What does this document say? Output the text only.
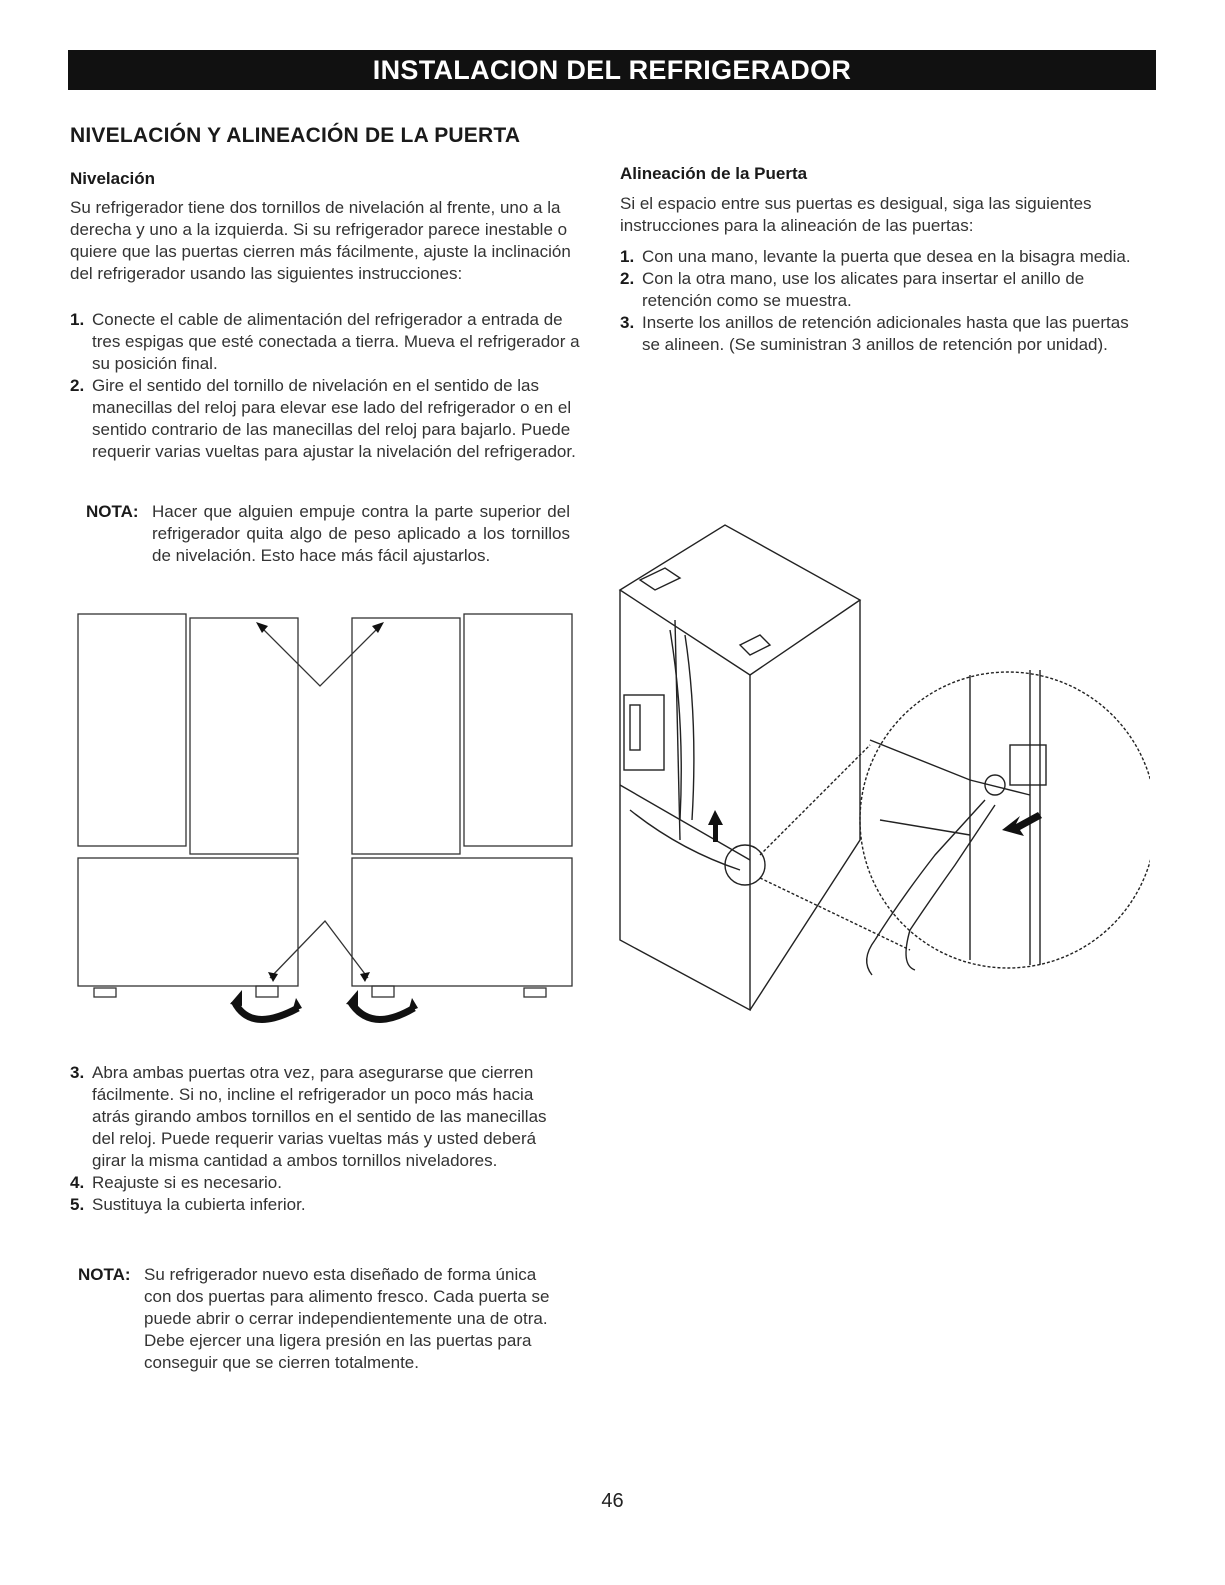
INSTALACION DEL REFRIGERADOR
NIVELACIÓN Y ALINEACIÓN DE LA PUERTA
Nivelación
Su refrigerador tiene dos tornillos de nivelación al frente, uno a la derecha y uno a la izquierda. Si su refrigerador parece inestable o quiere que las puertas cierren más fácilmente, ajuste la inclinación del refrigerador usando las siguientes instrucciones:
1. Conecte el cable de alimentación del refrigerador a entrada de tres espigas que esté conectada a tierra. Mueva el refrigerador a su posición final.
2. Gire el sentido del tornillo de nivelación en el sentido de las manecillas del reloj para elevar ese lado del refrigerador o en el sentido contrario de las manecillas del reloj para bajarlo. Puede requerir varias vueltas para ajustar la nivelación del refrigerador.
NOTA: Hacer que alguien empuje contra la parte superior del refrigerador quita algo de peso aplicado a los tornillos de nivelación. Esto hace más fácil ajustarlos.
3. Abra ambas puertas otra vez, para asegurarse que cierren fácilmente. Si no, incline el refrigerador un poco más hacia atrás girando ambos tornillos en el sentido de las manecillas del reloj. Puede requerir varias vueltas más y usted deberá girar la misma cantidad a ambos tornillos niveladores.
4. Reajuste si es necesario.
5. Sustituya la cubierta inferior.
NOTA: Su refrigerador nuevo esta diseñado de forma única con dos puertas para alimento fresco. Cada puerta se puede abrir o cerrar independientemente una de otra. Debe ejercer una ligera presión en las puertas para conseguir que se cierren totalmente.
Alineación de la Puerta
Si el espacio entre sus puertas es desigual, siga las siguientes instrucciones para la alineación de las puertas:
1. Con una mano, levante la puerta que desea en la bisagra media.
2. Con la otra mano, use los alicates para insertar el anillo de retención como se muestra.
3. Inserte los anillos de retención adicionales hasta que las puertas se alineen. (Se suministran 3 anillos de retención por unidad).
46
